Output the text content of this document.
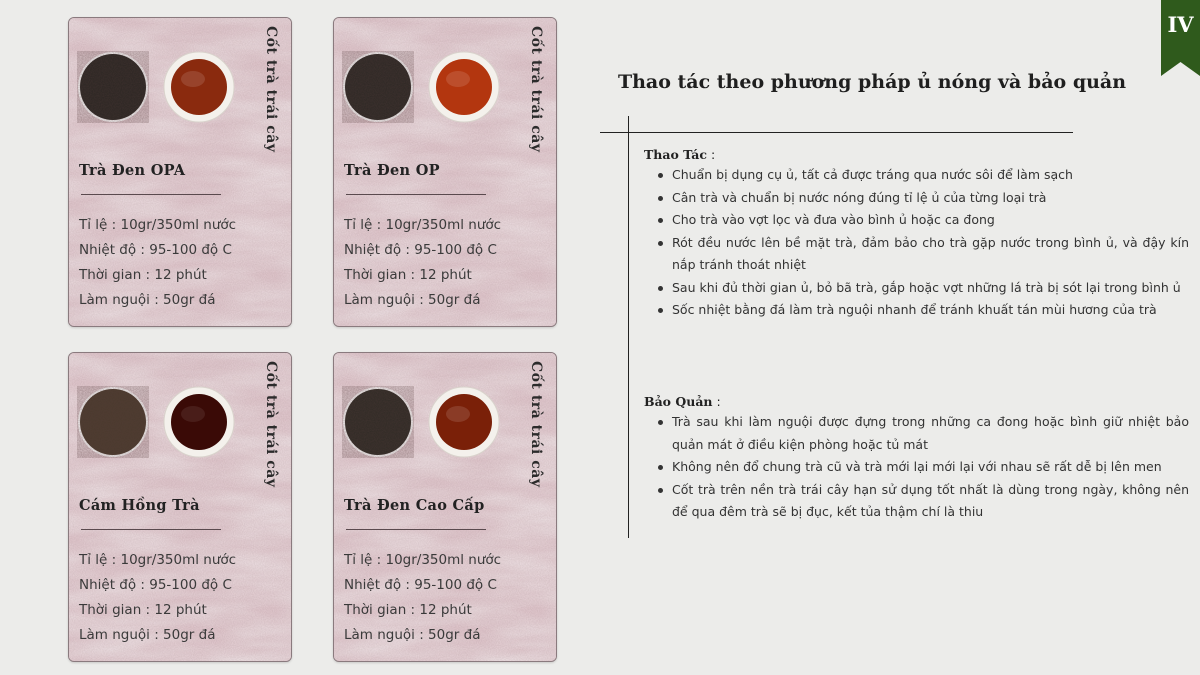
IV
Cốt trà trái cây
Trà Đen OPA
Tỉ lệ : 10gr/350ml nước
Nhiệt độ : 95-100 độ C
Thời gian : 12 phút
Làm nguội : 50gr đá
Cốt trà trái cây
Trà Đen OP
Tỉ lệ : 10gr/350ml nước
Nhiệt độ : 95-100 độ C
Thời gian : 12 phút
Làm nguội : 50gr đá
Cốt trà trái cây
Cám Hồng Trà
Tỉ lệ : 10gr/350ml nước
Nhiệt độ : 95-100 độ C
Thời gian : 12 phút
Làm nguội : 50gr đá
Cốt trà trái cây
Trà Đen Cao Cấp
Tỉ lệ : 10gr/350ml nước
Nhiệt độ : 95-100 độ C
Thời gian : 12 phút
Làm nguội : 50gr đá
Thao tác theo phương pháp ủ nóng và bảo quản
Thao Tác :
Chuẩn bị dụng cụ ủ, tất cả được tráng qua nước sôi để làm sạch
Cân trà và chuẩn bị nước nóng đúng tỉ lệ ủ của từng loại trà
Cho trà vào vợt lọc và đưa vào bình ủ hoặc ca đong
Rót đều nước lên bề mặt trà, đảm bảo cho trà gặp nước trong bình ủ, và đậy kín nắp tránh thoát nhiệt
Sau khi đủ thời gian ủ, bỏ bã trà, gắp hoặc vợt những lá trà bị sót lại trong bình ủ
Sốc nhiệt bằng đá làm trà nguội nhanh để tránh khuất tán mùi hương của trà
Bảo Quản :
Trà sau khi làm nguội được đựng trong những ca đong hoặc bình giữ nhiệt bảo quản mát ở điều kiện phòng hoặc tủ mát
Không nên đổ chung trà cũ và trà mới lại mới lại với nhau sẽ rất dễ bị lên men
Cốt trà trên nền trà trái cây hạn sử dụng tốt nhất là dùng trong ngày, không nên để qua đêm trà sẽ bị đục, kết tủa thậm chí là thiu
